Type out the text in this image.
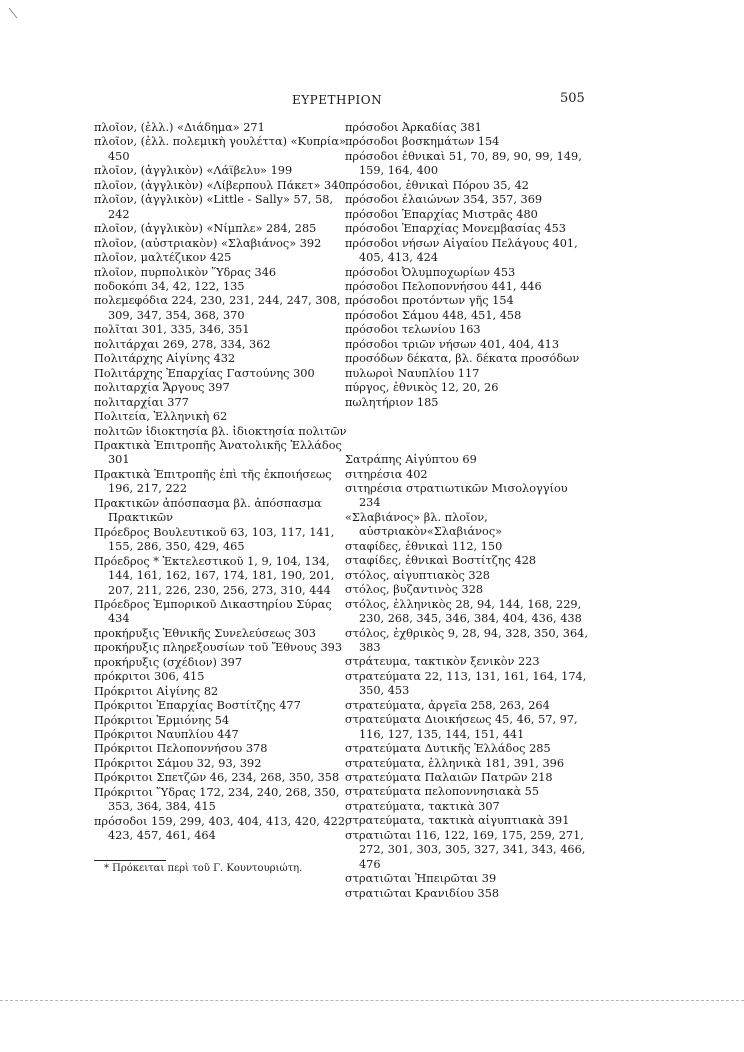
ΕΥΡΕΤΗΡΙΟΝ	505
πλοῖον, (ἑλλ.) «Διάδημα» 271
πλοῖον, (ἑλλ. πολεμικὴ γουλέττα) «Κυπρία» 450
πλοῖον, (ἀγγλικὸν) «Λάϊβελυ» 199
πλοῖον, (ἀγγλικὸν) «Λίβερπουλ Πάκετ» 340
πλοῖον, (ἀγγλικὸν) «Little - Sally» 57, 58, 242
πλοῖον, (ἀγγλικὸν) «Νίμπλε» 284, 285
πλοῖον, (αὐστριακὸν) «Σλαβιάνος» 392
πλοῖον, μαλτέζικον 425
πλοῖον, πυρπολικὸν Ὕδρας 346
ποδοκόπι 34, 42, 122, 135
πολεμεφόδια 224, 230, 231, 244, 247, 308, 309, 347, 354, 368, 370
πολῖται 301, 335, 346, 351
πολιτάρχαι 269, 278, 334, 362
Πολιτάρχης Αἰγίνης 432
Πολιτάρχης Ἐπαρχίας Γαστούνης 300
πολιταρχία Ἄργους 397
πολιταρχίαι 377
Πολιτεία, Ἑλληνικὴ 62
πολιτῶν ἰδιοκτησία βλ. ἰδιοκτησία πολιτῶν
Πρακτικὰ Ἐπιτροπῆς Ἀνατολικῆς Ἑλλάδος 301
Πρακτικὰ Ἐπιτροπῆς ἐπὶ τῆς ἐκποιήσεως 196, 217, 222
Πρακτικῶν ἀπόσπασμα βλ. ἀπόσπασμα Πρακτικῶν
Πρόεδρος Βουλευτικοῦ 63, 103, 117, 141, 155, 286, 350, 429, 465
Πρόεδρος * Ἐκτελεστικοῦ 1, 9, 104, 134, 144, 161, 162, 167, 174, 181, 190, 201, 207, 211, 226, 230, 256, 273, 310, 444
Πρόεδρος Ἐμπορικοῦ Δικαστηρίου Σύρας 434
προκήρυξις Ἐθνικῆς Συνελεύσεως 303
προκήρυξις πληρεξουσίων τοῦ Ἔθνους 393
προκήρυξις (σχέδιον) 397
πρόκριτοι 306, 415
Πρόκριτοι Αἰγίνης 82
Πρόκριτοι Ἐπαρχίας Βοστίτζης 477
Πρόκριτοι Ἑρμιόνης 54
Πρόκριτοι Ναυπλίου 447
Πρόκριτοι Πελοποννήσου 378
Πρόκριτοι Σάμου 32, 93, 392
Πρόκριτοι Σπετζῶν 46, 234, 268, 350, 358
Πρόκριτοι Ὕδρας 172, 234, 240, 268, 350, 353, 364, 384, 415
πρόσοδοι 159, 299, 403, 404, 413, 420, 422, 423, 457, 461, 464
πρόσοδοι Ἀρκαδίας 381
πρόσοδοι βοσκημάτων 154
πρόσοδοι ἐθνικαὶ 51, 70, 89, 90, 99, 149, 159, 164, 400
πρόσοδοι, ἐθνικαὶ Πόρου 35, 42
πρόσοδοι ἐλαιώνων 354, 357, 369
πρόσοδοι Ἐπαρχίας Μιστρᾶς 480
πρόσοδοι Ἐπαρχίας Μονεμβασίας 453
πρόσοδοι νήσων Αἰγαίου Πελάγους 401, 405, 413, 424
πρόσοδοι Ὀλυμποχωρίων 453
πρόσοδοι Πελοποννήσου 441, 446
πρόσοδοι προτόντων γῆς 154
πρόσοδοι Σάμου 448, 451, 458
πρόσοδοι τελωνίου 163
πρόσοδοι τριῶν νήσων 401, 404, 413
προσόδων δέκατα, βλ. δέκατα προσόδων
πυλωροὶ Ναυπλίου 117
πύργος, ἐθνικὸς 12, 20, 26
πωλητήριον 185
Σατράπης Αἰγύπτου 69
σιτηρέσια 402
σιτηρέσια στρατιωτικῶν Μισολογγίου 234
«Σλαβιάνος» βλ. πλοῖον, αὐστριακὸν«Σλαβιάνος»
σταφίδες, ἐθνικαὶ 112, 150
σταφίδες, ἐθνικαὶ Βοστίτζης 428
στόλος, αἰγυπτιακὸς 328
στόλος, βυζαντινὸς 328
στόλος, ἑλληνικὸς 28, 94, 144, 168, 229, 230, 268, 345, 346, 384, 404, 436, 438
στόλος, ἐχθρικὸς 9, 28, 94, 328, 350, 364, 383
στράτευμα, τακτικὸν ξενικὸν 223
στρατεύματα 22, 113, 131, 161, 164, 174, 350, 453
στρατεύματα, ἀργεῖα 258, 263, 264
στρατεύματα Διοικήσεως 45, 46, 57, 97, 116, 127, 135, 144, 151, 441
στρατεύματα Δυτικῆς Ἑλλάδος 285
στρατεύματα, ἑλληνικὰ 181, 391, 396
στρατεύματα Παλαιῶν Πατρῶν 218
στρατεύματα πελοποννησιακὰ 55
στρατεύματα, τακτικὰ 307
στρατεύματα, τακτικὰ αἰγυπτιακὰ 391
στρατιῶται 116, 122, 169, 175, 259, 271, 272, 301, 303, 305, 327, 341, 343, 466, 476
στρατιῶται Ἠπειρῶται 39
στρατιῶται Κρανιδίου 358
* Πρόκειται περὶ τοῦ Γ. Κουντουριώτη.
